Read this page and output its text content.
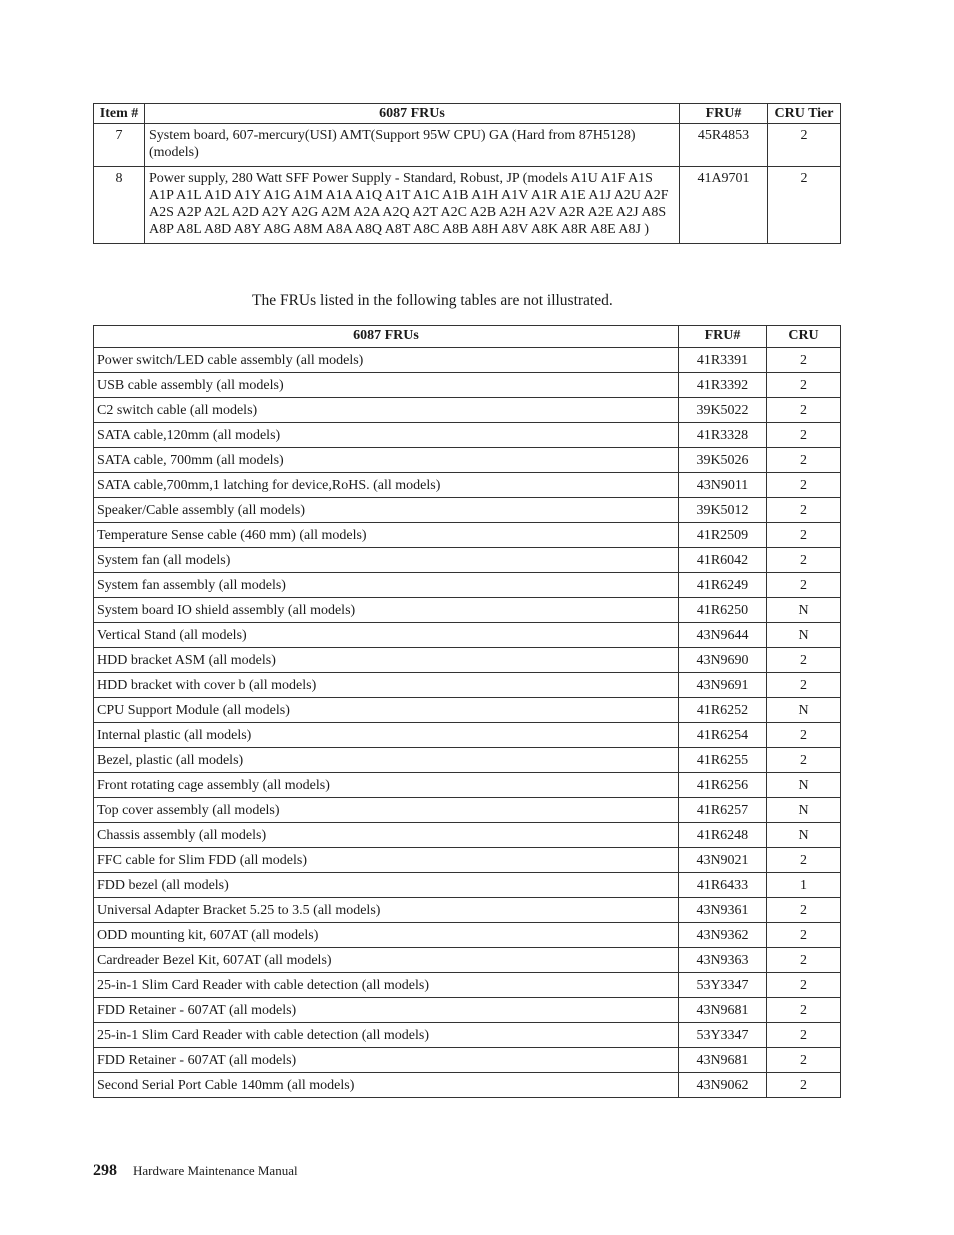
Item #	6087 FRUs	FRU#	CRU Tier
7	System board, 607-mercury(USI) AMT(Support 95W CPU) GA (Hard from 87H5128) (models)	45R4853	2
8	Power supply, 280 Watt SFF Power Supply - Standard, Robust, JP (models A1U A1F A1S A1P A1L A1D A1Y A1G A1M A1A A1Q A1T A1C A1B A1H A1V A1R A1E A1J A2U A2F A2S A2P A2L A2D A2Y A2G A2M A2A A2Q A2T A2C A2B A2H A2V A2R A2E A2J A8S A8P A8L A8D A8Y A8G A8M A8A A8Q A8T A8C A8B A8H A8V A8K A8R A8E A8J )	41A9701	2

The FRUs listed in the following tables are not illustrated.

6087 FRUs	FRU#	CRU
Power switch/LED cable assembly (all models)	41R3391	2
USB cable assembly (all models)	41R3392	2
C2 switch cable (all models)	39K5022	2
SATA cable,120mm (all models)	41R3328	2
SATA cable, 700mm (all models)	39K5026	2
SATA cable,700mm,1 latching for device,RoHS. (all models)	43N9011	2
Speaker/Cable assembly (all models)	39K5012	2
Temperature Sense cable (460 mm) (all models)	41R2509	2
System fan (all models)	41R6042	2
System fan assembly (all models)	41R6249	2
System board IO shield assembly (all models)	41R6250	N
Vertical Stand (all models)	43N9644	N
HDD bracket ASM (all models)	43N9690	2
HDD bracket with cover b (all models)	43N9691	2
CPU Support Module (all models)	41R6252	N
Internal plastic (all models)	41R6254	2
Bezel, plastic (all models)	41R6255	2
Front rotating cage assembly (all models)	41R6256	N
Top cover assembly (all models)	41R6257	N
Chassis assembly (all models)	41R6248	N
FFC cable for Slim FDD (all models)	43N9021	2
FDD bezel (all models)	41R6433	1
Universal Adapter Bracket 5.25 to 3.5 (all models)	43N9361	2
ODD mounting kit, 607AT (all models)	43N9362	2
Cardreader Bezel Kit, 607AT (all models)	43N9363	2
25-in-1 Slim Card Reader with cable detection (all models)	53Y3347	2
FDD Retainer - 607AT (all models)	43N9681	2
25-in-1 Slim Card Reader with cable detection (all models)	53Y3347	2
FDD Retainer - 607AT (all models)	43N9681	2
Second Serial Port Cable 140mm (all models)	43N9062	2

298 Hardware Maintenance Manual
